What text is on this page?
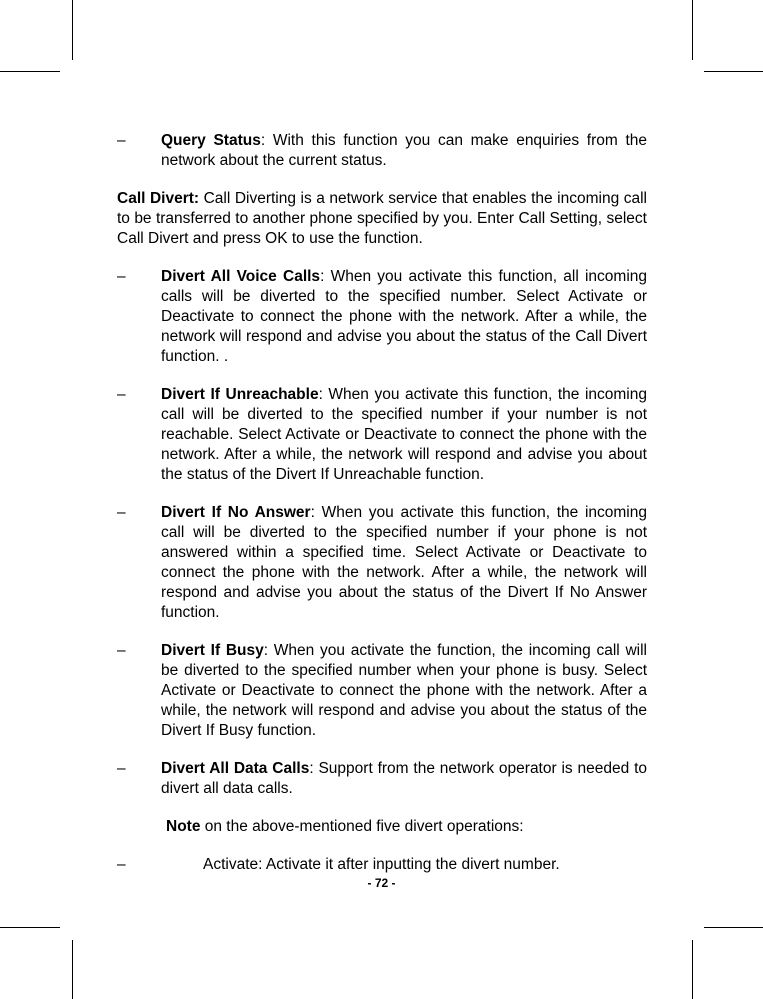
–	Query Status: With this function you can make enquiries from the network about the current status.
Call Divert: Call Diverting is a network service that enables the incoming call to be transferred to another phone specified by you. Enter Call Setting, select Call Divert and press OK to use the function.
–	Divert All Voice Calls: When you activate this function, all incoming calls will be diverted to the specified number. Select Activate or Deactivate to connect the phone with the network. After a while, the network will respond and advise you about the status of the Call Divert function. .
–	Divert If Unreachable: When you activate this function, the incoming call will be diverted to the specified number if your number is not reachable. Select Activate or Deactivate to connect the phone with the network. After a while, the network will respond and advise you about the status of the Divert If Unreachable function.
–	Divert If No Answer: When you activate this function, the incoming call will be diverted to the specified number if your phone is not answered within a specified time. Select Activate or Deactivate to connect the phone with the network. After a while, the network will respond and advise you about the status of the Divert If No Answer function.
–	Divert If Busy: When you activate the function, the incoming call will be diverted to the specified number when your phone is busy. Select Activate or Deactivate to connect the phone with the network. After a while, the network will respond and advise you about the status of the Divert If Busy function.
–	Divert All Data Calls: Support from the network operator is needed to divert all data calls.
Note on the above-mentioned five divert operations:
–	Activate: Activate it after inputting the divert number.
- 72 -
